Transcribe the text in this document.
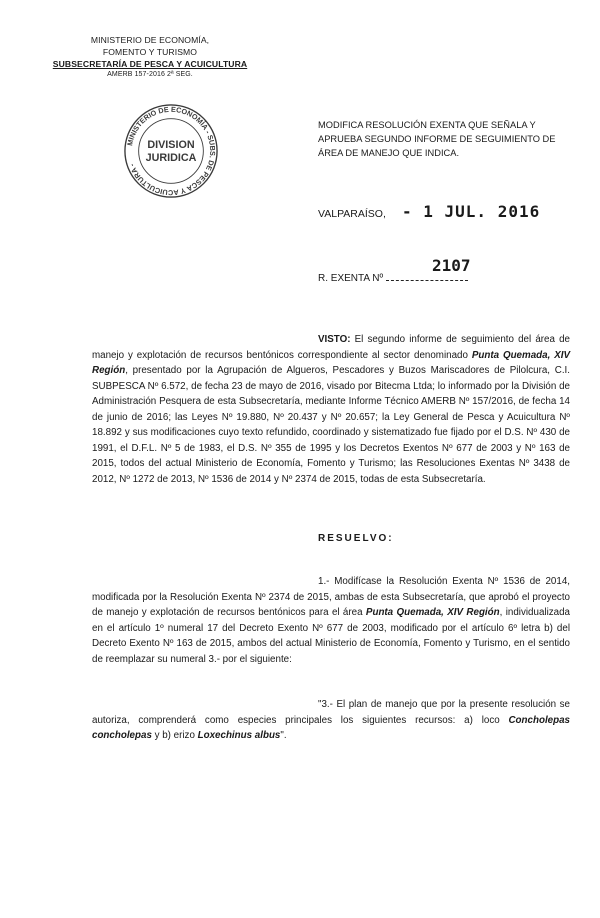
MINISTERIO DE ECONOMÍA,
FOMENTO Y TURISMO
SUBSECRETARÍA DE PESCA Y ACUICULTURA
AMERB 157-2016 2ª SEG.
MINISTERIO DE ECONOMÍA - SUBS. DE PESCA Y ACUICULTURA -
DIVISION
JURIDICA
MODIFICA RESOLUCIÓN EXENTA QUE SEÑALA Y APRUEBA SEGUNDO INFORME DE SEGUIMIENTO DE ÁREA DE MANEJO QUE INDICA.
VALPARAÍSO, - 1 JUL. 2016
2107
R. EXENTA Nº
VISTO: El segundo informe de seguimiento del área de manejo y explotación de recursos bentónicos correspondiente al sector denominado Punta Quemada, XIV Región, presentado por la Agrupación de Algueros, Pescadores y Buzos Mariscadores de Pilolcura, C.I. SUBPESCA Nº 6.572, de fecha 23 de mayo de 2016, visado por Bitecma Ltda; lo informado por la División de Administración Pesquera de esta Subsecretaría, mediante Informe Técnico AMERB Nº 157/2016, de fecha 14 de junio de 2016; las Leyes Nº 19.880, Nº 20.437 y Nº 20.657; la Ley General de Pesca y Acuicultura Nº 18.892 y sus modificaciones cuyo texto refundido, coordinado y sistematizado fue fijado por el D.S. Nº 430 de 1991, el D.F.L. Nº 5 de 1983, el D.S. Nº 355 de 1995 y los Decretos Exentos Nº 677 de 2003 y Nº 163 de 2015, todos del actual Ministerio de Economía, Fomento y Turismo; las Resoluciones Exentas Nº 3438 de 2012, Nº 1272 de 2013, Nº 1536 de 2014 y Nº 2374 de 2015, todas de esta Subsecretaría.
RESUELVO:
1.- Modifícase la Resolución Exenta Nº 1536 de 2014, modificada por la Resolución Exenta Nº 2374 de 2015, ambas de esta Subsecretaría, que aprobó el proyecto de manejo y explotación de recursos bentónicos para el área Punta Quemada, XIV Región, individualizada en el artículo 1º numeral 17 del Decreto Exento Nº 677 de 2003, modificado por el artículo 6º letra b) del Decreto Exento Nº 163 de 2015, ambos del actual Ministerio de Economía, Fomento y Turismo, en el sentido de reemplazar su numeral 3.- por el siguiente:
"3.- El plan de manejo que por la presente resolución se autoriza, comprenderá como especies principales los siguientes recursos: a) loco Concholepas concholepas y b) erizo Loxechinus albus".
